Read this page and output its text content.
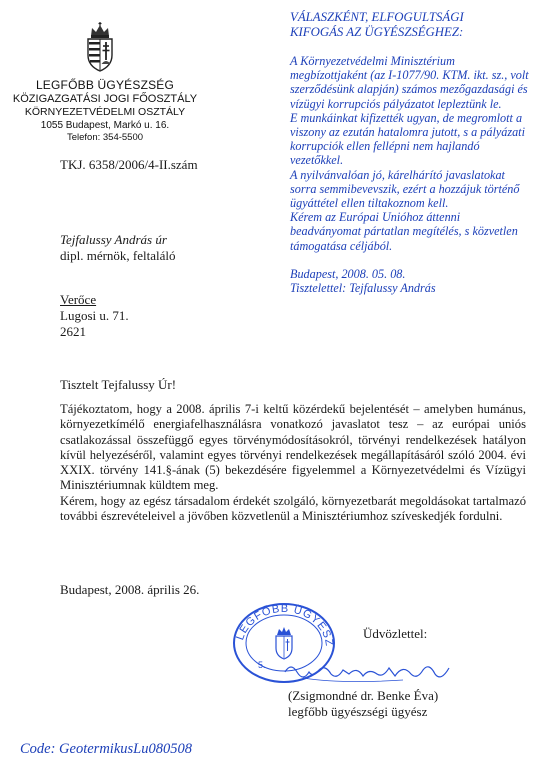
LEGFŐBB ÜGYÉSZSÉG
KÖZIGAZGATÁSI JOGI FŐOSZTÁLY
KÖRNYEZETVÉDELMI OSZTÁLY
1055 Budapest, Markó u. 16.
Telefon: 354-5500
TKJ. 6358/2006/4-II.szám
Tejfalussy András úr
dipl. mérnök, feltaláló
Verőce
Lugosi u. 71.
2621
Tisztelt Tejfalussy Úr!

Tájékoztatom, hogy a 2008. április 7-i keltű közérdekű bejelentését – amelyben humánus, környezetkímélő energiafelhasználásra vonatkozó javaslatot tesz – az európai uniós csatlakozással összefüggő egyes törvénymódosításokról, törvényi rendelkezések hatályon kívül helyezéséről, valamint egyes törvényi rendelkezések megállapításáról szóló 2004. évi XXIX. törvény 141.§-ának (5) bekezdésére figyelemmel a Környezetvédelmi és Vízügyi Minisztériumnak küldtem meg.

Kérem, hogy az egész társadalom érdekét szolgáló, környezetbarát megoldásokat tartalmazó további észrevételeivel a jövőben közvetlenül a Minisztériumhoz szíveskedjék fordulni.

Budapest, 2008. április 26.
VÁLASZKÉNT, ELFOGULTSÁGI
KIFOGÁS AZ ÜGYÉSZSÉGHEZ:

A Környezetvédelmi Minisztérium megbízottjaként (az I-1077/90. KTM. ikt. sz., volt szerződésünk alapján) számos mezőgazdasági és vízügyi korrupciós pályázatot lepleztünk le.

E munkáinkat kifizették ugyan, de megromlott a viszony az ezután hatalomra jutott, s a pályázati korrupciók ellen fellépni nem hajlandó vezetőkkel.

A nyilvánvalóan jó, kárelhárító javaslatokat sorra semmibevevszik, ezért a hozzájuk történő ügyáttétel ellen tiltakoznom kell.

Kérem az Európai Unióhoz áttenni beadványomat pártatlan megítélés, s közvetlen támogatása céljából.

Budapest, 2008. 05. 08.

Tisztelettel: Tejfalussy András

LEGFŐBB ÜGYÉSZ
5.
Üdvözlettel:
(Zsigmondné dr. Benke Éva)
legfőbb ügyészségi ügyész
Code: GeotermikusLu080508
